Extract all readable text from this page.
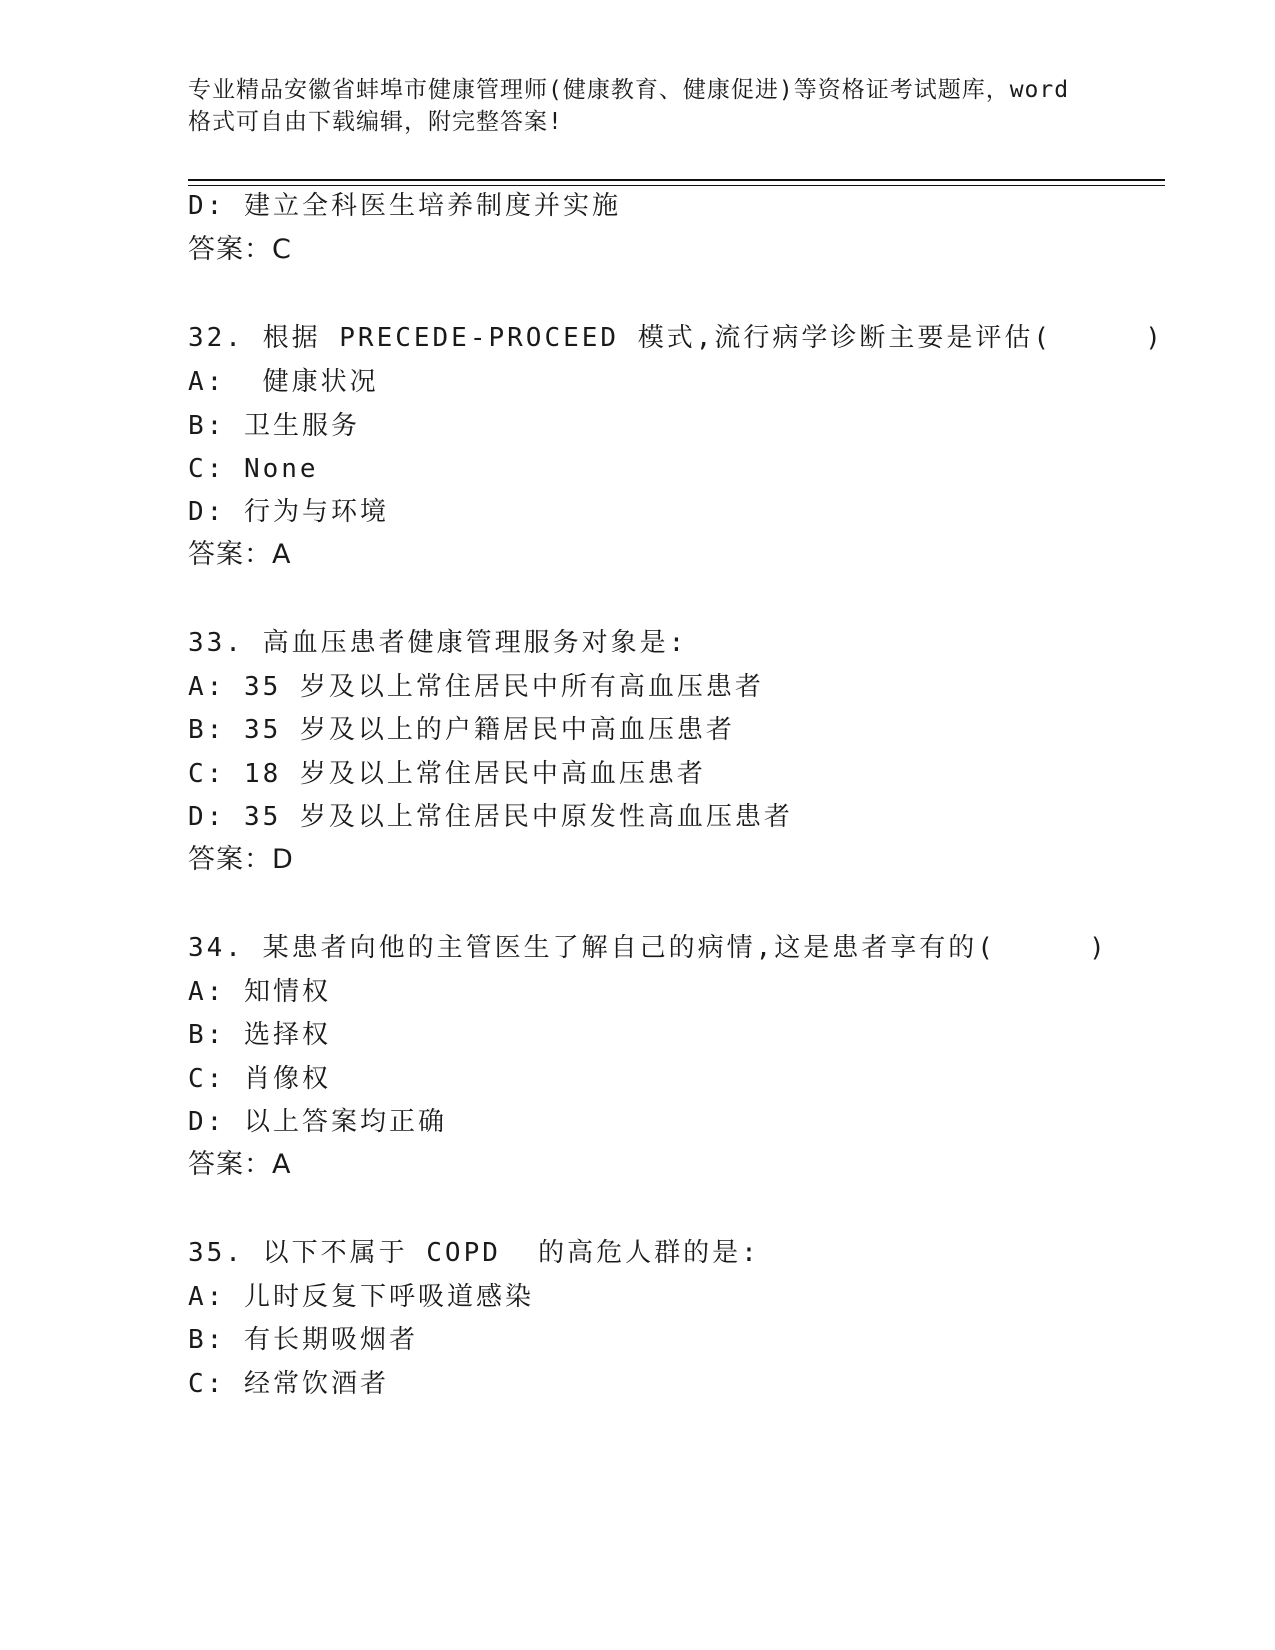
专业精品安徽省蚌埠市健康管理师(健康教育、健康促进)等资格证考试题库，word
格式可自由下载编辑，附完整答案!
D: 建立全科医生培养制度并实施
答案：C
32. 根据 PRECEDE-PROCEED 模式,流行病学诊断主要是评估(     )
A:  健康状况
B: 卫生服务
C: None
D: 行为与环境
答案：A
33. 高血压患者健康管理服务对象是:
A: 35 岁及以上常住居民中所有高血压患者
B: 35 岁及以上的户籍居民中高血压患者
C: 18 岁及以上常住居民中高血压患者
D: 35 岁及以上常住居民中原发性高血压患者
答案：D
34. 某患者向他的主管医生了解自己的病情,这是患者享有的(     )
A: 知情权
B: 选择权
C: 肖像权
D: 以上答案均正确
答案：A
35. 以下不属于 COPD  的高危人群的是:
A: 儿时反复下呼吸道感染
B: 有长期吸烟者
C: 经常饮酒者
